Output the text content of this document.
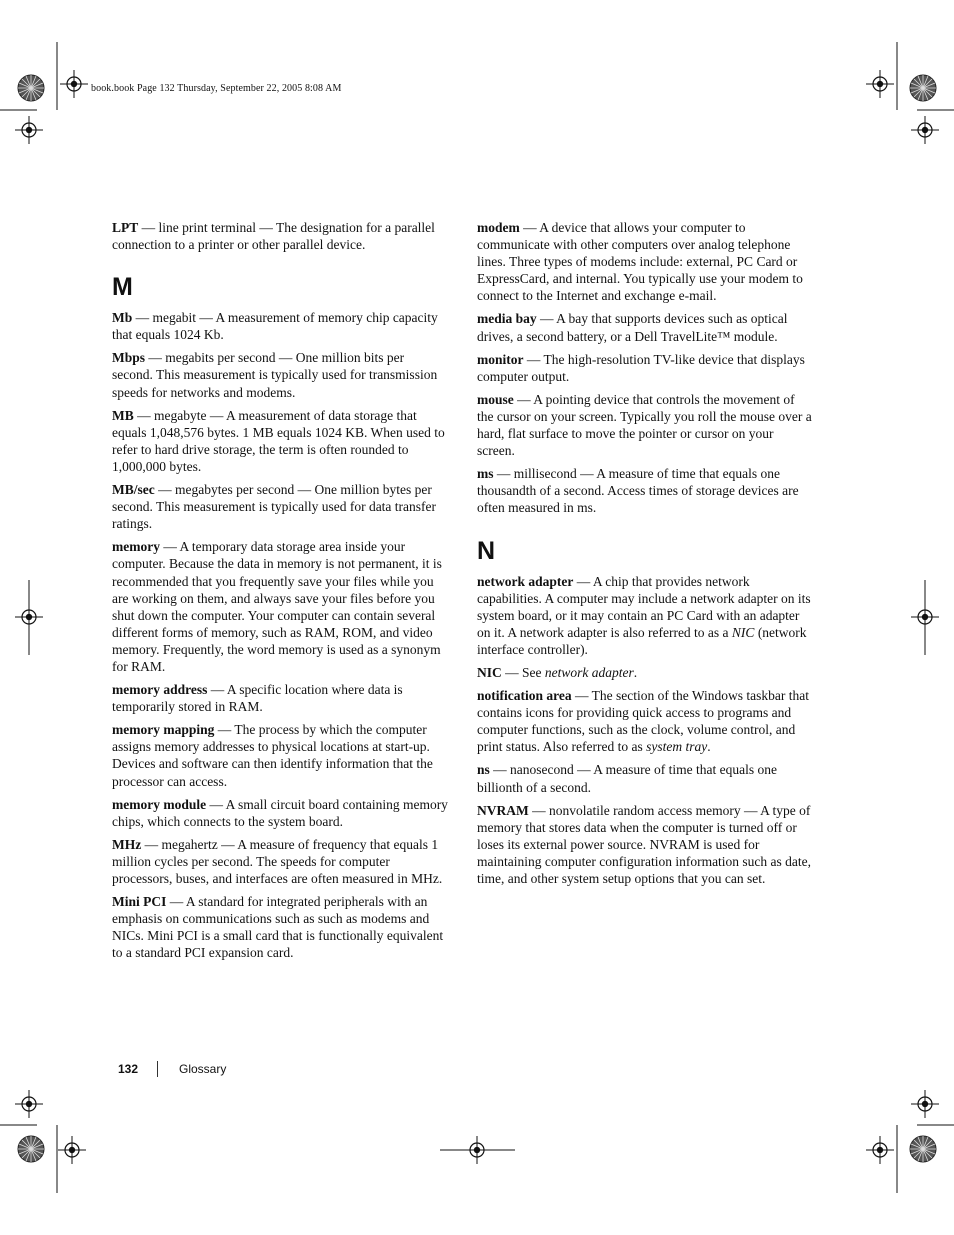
book.book Page 132 Thursday, September 22, 2005 8:08 AM

LPT — line print terminal — The designation for a parallel connection to a printer or other parallel device.

M

Mb — megabit — A measurement of memory chip capacity that equals 1024 Kb.

Mbps — megabits per second — One million bits per second. This measurement is typically used for transmission speeds for networks and modems.

MB — megabyte — A measurement of data storage that equals 1,048,576 bytes. 1 MB equals 1024 KB. When used to refer to hard drive storage, the term is often rounded to 1,000,000 bytes.

MB/sec — megabytes per second — One million bytes per second. This measurement is typically used for data transfer ratings.

memory — A temporary data storage area inside your computer. Because the data in memory is not permanent, it is recommended that you frequently save your files while you are working on them, and always save your files before you shut down the computer. Your computer can contain several different forms of memory, such as RAM, ROM, and video memory. Frequently, the word memory is used as a synonym for RAM.

memory address — A specific location where data is temporarily stored in RAM.

memory mapping — The process by which the computer assigns memory addresses to physical locations at start-up. Devices and software can then identify information that the processor can access.

memory module — A small circuit board containing memory chips, which connects to the system board.

MHz — megahertz — A measure of frequency that equals 1 million cycles per second. The speeds for computer processors, buses, and interfaces are often measured in MHz.

Mini PCI — A standard for integrated peripherals with an emphasis on communications such as such as modems and NICs. Mini PCI is a small card that is functionally equivalent to a standard PCI expansion card.

modem — A device that allows your computer to communicate with other computers over analog telephone lines. Three types of modems include: external, PC Card or ExpressCard, and internal. You typically use your modem to connect to the Internet and exchange e-mail.

media bay — A bay that supports devices such as optical drives, a second battery, or a Dell TravelLite™ module.

monitor — The high-resolution TV-like device that displays computer output.

mouse — A pointing device that controls the movement of the cursor on your screen. Typically you roll the mouse over a hard, flat surface to move the pointer or cursor on your screen.

ms — millisecond — A measure of time that equals one thousandth of a second. Access times of storage devices are often measured in ms.

N

network adapter — A chip that provides network capabilities. A computer may include a network adapter on its system board, or it may contain an PC Card with an adapter on it. A network adapter is also referred to as a NIC (network interface controller).

NIC — See network adapter.

notification area — The section of the Windows taskbar that contains icons for providing quick access to programs and computer functions, such as the clock, volume control, and print status. Also referred to as system tray.

ns — nanosecond — A measure of time that equals one billionth of a second.

NVRAM — nonvolatile random access memory — A type of memory that stores data when the computer is turned off or loses its external power source. NVRAM is used for maintaining computer configuration information such as date, time, and other system setup options that you can set.

132	Glossary
